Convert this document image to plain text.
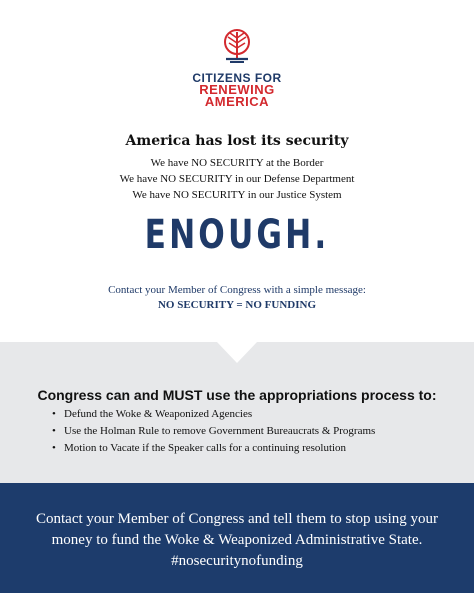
CITIZENS FOR
RENEWING
AMERICA
America has lost its security
We have NO SECURITY at the Border
We have NO SECURITY in our Defense Department
We have NO SECURITY in our Justice System
ENOUGH.
Contact your Member of Congress with a simple message:
NO SECURITY = NO FUNDING
Congress can and MUST use the appropriations process to:
• Defund the Woke & Weaponized Agencies
• Use the Holman Rule to remove Government Bureaucrats & Programs
• Motion to Vacate if the Speaker calls for a continuing resolution
Contact your Member of Congress and tell them to stop using your
money to fund the Woke & Weaponized Administrative State.
#nosecuritynofunding
